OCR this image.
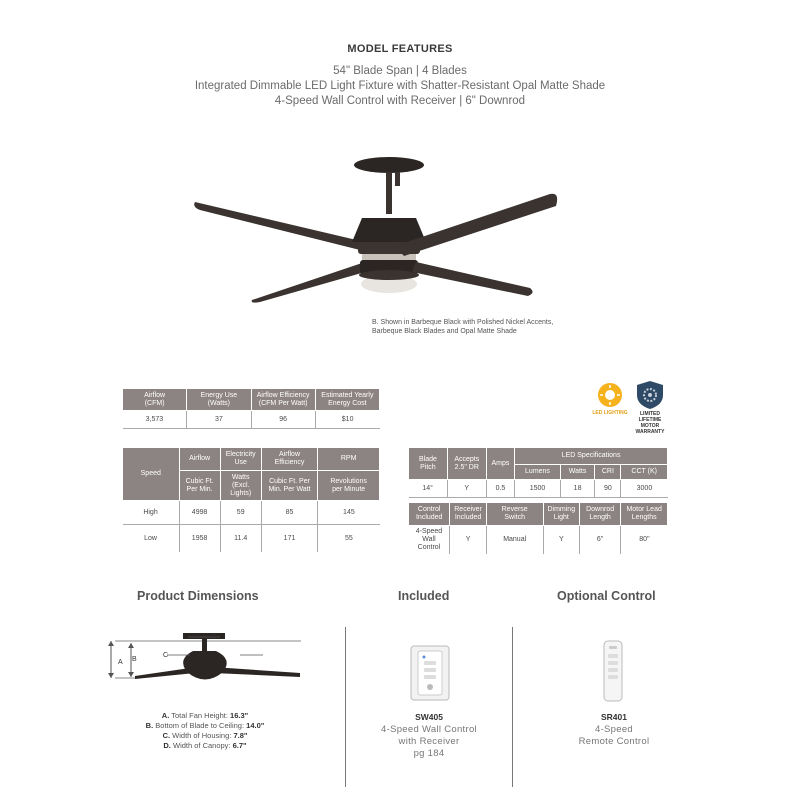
MODEL FEATURES
54" Blade Span | 4 Blades
Integrated Dimmable LED Light Fixture with Shatter-Resistant Opal Matte Shade
4-Speed Wall Control with Receiver | 6" Downrod
B. Shown in Barbeque Black with Polished Nickel Accents,
Barbeque Black Blades and Opal Matte Shade
Airflow
(CFM)	Energy Use
(Watts)	Airflow Efficiency
(CFM Per Watt)	Estimated Yearly
Energy Cost
3,573	37	96	$10
LED LIGHTING	LIMITED
LIFETIME
MOTOR
WARRANTY
Speed	Airflow	Electricity
Use	Airflow
Efficiency	RPM
	Cubic Ft.
Per Min.	Watts
(Excl.
Lights)	Cubic Ft. Per
Min. Per Watt	Revolutions
per Minute
High	4998	59	85	145
Low	1958	11.4	171	55
Blade
Pitch	Accepts
2.5" DR	Amps	LED Specifications			
			Lumens	Watts	CRI	CCT (K)
14°	Y	0.5	1500	18	90	3000
Control
Included	Receiver
Included	Reverse
Switch	Dimming
Light	Downrod
Length	Motor Lead
Lengths
4-Speed
Wall
Control	Y	Manual	Y	6"	80"
Product Dimensions	Included	Optional Control
A B
D
C
A. Total Fan Height: 16.3"
B. Bottom of Blade to Ceiling: 14.0"
C. Width of Housing: 7.8"
D. Width of Canopy: 6.7"
SW405
4-Speed Wall Control
with Receiver
pg 184
SR401
4-Speed
Remote Control
